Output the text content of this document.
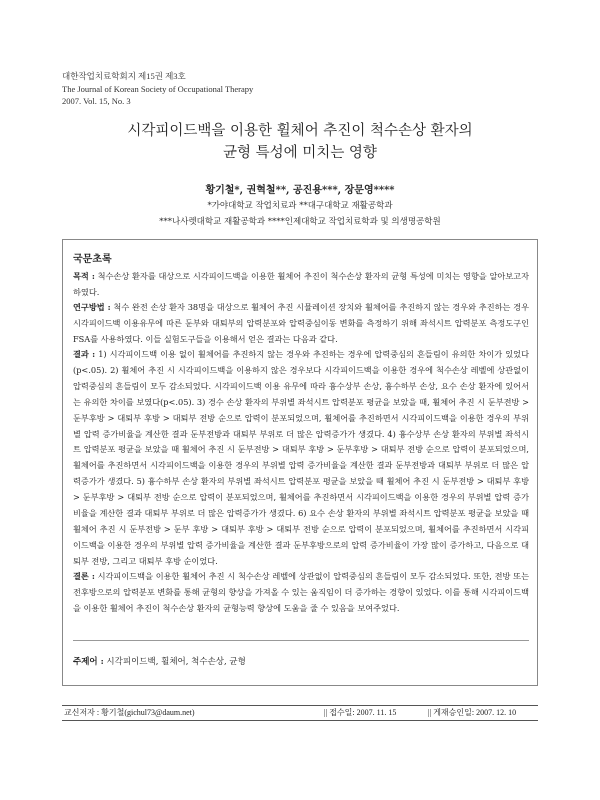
대한작업치료학회지 제15권 제3호
The Journal of Korean Society of Occupational Therapy
2007. Vol. 15, No. 3
시각피이드백을 이용한 휠체어 추진이 척수손상 환자의
균형 특성에 미치는 영향
황기철*, 권혁철**, 공진용***, 장문영****
*가야대학교 작업치료과 **대구대학교 재활공학과
***나사렛대학교 재활공학과 ****인제대학교 작업치료학과 및 의생명공학원
국문초록
목적 : 척수손상 환자를 대상으로 시각피이드백을 이용한 휠체어 추진이 척수손상 환자의 균형 특성에 미치는 영향을 알아보고자 하였다.
연구방법 : 척수 완전 손상 환자 38명을 대상으로 휠체어 추진 시뮬레이션 장치와 휠체어를 추진하지 않는 경우와 추진하는 경우 시각피이드백 이용유무에 따른 둔부와 대퇴부의 압력분포와 압력중심이동 변화를 측정하기 위해 좌석시트 압력분포 측정도구인 FSA를 사용하였다. 이들 실험도구들을 이용해서 얻은 결과는 다음과 같다.
결과 : 1) 시각피이드백 이용 없이 휠체어를 추진하지 않는 경우와 추진하는 경우에 압력중심의 흔들림이 유의한 차이가 있었다(p<.05). 2) 휠체어 추진 시 시각피이드백을 이용하지 않은 경우보다 시각피이드백을 이용한 경우에 척수손상 레벨에 상관없이 압력중심의 흔들림이 모두 감소되었다. 시각피이드백 이용 유무에 따라 흉수상부 손상, 흉수하부 손상, 요수 손상 환자에 있어서는 유의한 차이를 보였다(p<.05). 3) 경수 손상 환자의 부위별 좌석시트 압력분포 평균을 보았을 때, 휠체어 추진 시 둔부전방 > 둔부후방 > 대퇴부 후방 > 대퇴부 전방 순으로 압력이 분포되었으며, 휠체어를 추진하면서 시각피이드백을 이용한 경우의 부위별 압력 증가비율을 계산한 결과 둔부전방과 대퇴부 부위로 더 많은 압력증가가 생겼다. 4) 흉수상부 손상 환자의 부위별 좌석시트 압력분포 평균을 보았을 때 휠체어 추진 시 둔부전방 > 대퇴부 후방 > 둔부후방 > 대퇴부 전방 순으로 압력이 분포되었으며, 휠체어를 추진하면서 시각피이드백을 이용한 경우의 부위별 압력 증가비율을 계산한 결과 둔부전방과 대퇴부 부위로 더 많은 압력증가가 생겼다. 5) 흉수하부 손상 환자의 부위별 좌석시트 압력분포 평균을 보았을 때 휠체어 추진 시 둔부전방 > 대퇴부 후방 > 둔부후방 > 대퇴부 전방 순으로 압력이 분포되었으며, 휠체어를 추진하면서 시각피이드백을 이용한 경우의 부위별 압력 증가비율을 계산한 결과 대퇴부 부위로 더 많은 압력증가가 생겼다. 6) 요수 손상 환자의 부위별 좌석시트 압력분포 평균을 보았을 때 휠체어 추진 시 둔부전방 > 둔부 후방 > 대퇴부 후방 > 대퇴부 전방 순으로 압력이 분포되었으며, 휠체어를 추진하면서 시각피이드백을 이용한 경우의 부위별 압력 증가비율을 계산한 결과 둔부후방으로의 압력 증가비율이 가장 많이 증가하고, 다음으로 대퇴부 전방, 그리고 대퇴부 후방 순이었다.
결론 : 시각피이드백을 이용한 휠체어 추진 시 척수손상 레벨에 상관없이 압력중심의 흔들림이 모두 감소되었다. 또한, 전방 또는 전후방으로의 압력분포 변화를 통해 균형의 향상을 가져올 수 있는 움직임이 더 증가하는 경향이 있었다. 이를 통해 시각피이드백을 이용한 휠체어 추진이 척수손상 환자의 균형능력 향상에 도움을 줄 수 있음을 보여주었다.
주제어 : 시각피이드백, 휠체어, 척수손상, 균형
교신저자 : 황기철(gichul73@daum.net)	|| 접수일: 2007. 11. 15	|| 게재승인일: 2007. 12. 10
